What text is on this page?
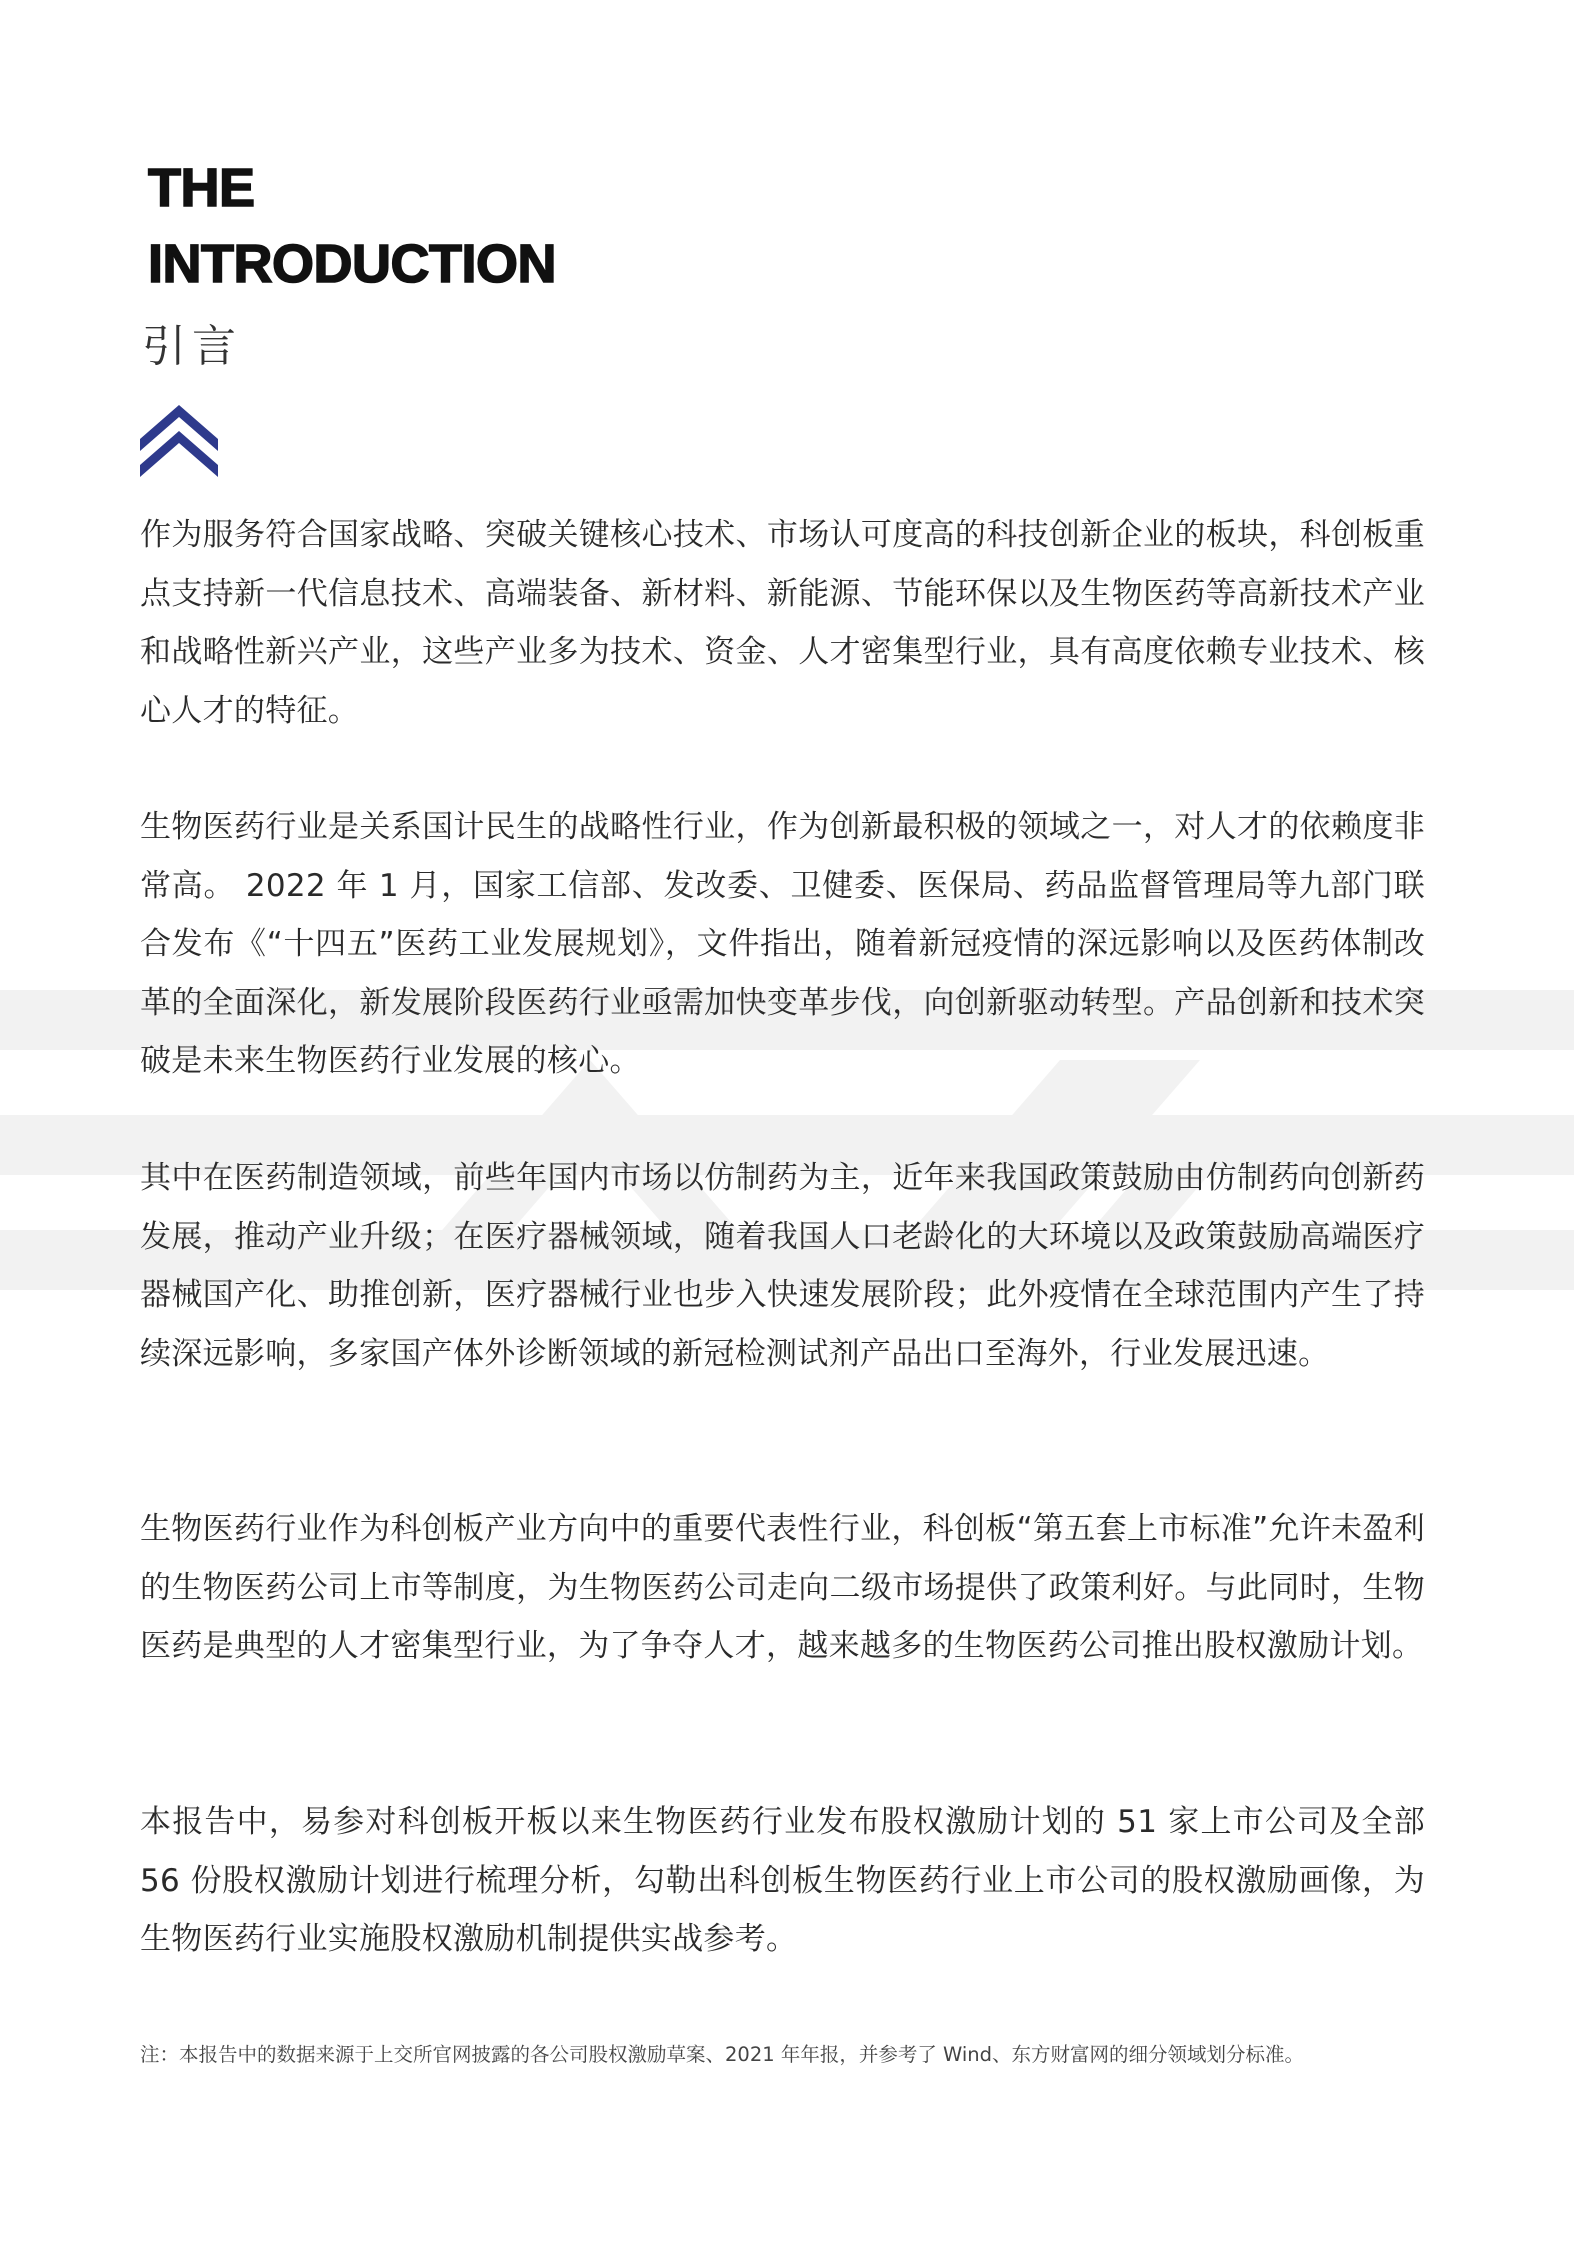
THE
INTRODUCTION
引言

作为服务符合国家战略、突破关键核心技术、市场认可度高的科技创新企业的板块，科创板重点支持新一代信息技术、高端装备、新材料、新能源、节能环保以及生物医药等高新技术产业和战略性新兴产业，这些产业多为技术、资金、人才密集型行业，具有高度依赖专业技术、核心人才的特征。

生物医药行业是关系国计民生的战略性行业，作为创新最积极的领域之一，对人才的依赖度非常高。 2022 年 1 月，国家工信部、发改委、卫健委、医保局、药品监督管理局等九部门联合发布《“十四五”医药工业发展规划》，文件指出，随着新冠疫情的深远影响以及医药体制改革的全面深化，新发展阶段医药行业亟需加快变革步伐，向创新驱动转型。产品创新和技术突破是未来生物医药行业发展的核心。

其中在医药制造领域，前些年国内市场以仿制药为主，近年来我国政策鼓励由仿制药向创新药发展，推动产业升级；在医疗器械领域，随着我国人口老龄化的大环境以及政策鼓励高端医疗器械国产化、助推创新，医疗器械行业也步入快速发展阶段；此外疫情在全球范围内产生了持续深远影响，多家国产体外诊断领域的新冠检测试剂产品出口至海外，行业发展迅速。

生物医药行业作为科创板产业方向中的重要代表性行业，科创板“第五套上市标准”允许未盈利的生物医药公司上市等制度，为生物医药公司走向二级市场提供了政策利好。与此同时，生物医药是典型的人才密集型行业，为了争夺人才，越来越多的生物医药公司推出股权激励计划。

本报告中，易参对科创板开板以来生物医药行业发布股权激励计划的 51 家上市公司及全部 56 份股权激励计划进行梳理分析，勾勒出科创板生物医药行业上市公司的股权激励画像，为生物医药行业实施股权激励机制提供实战参考。

注：本报告中的数据来源于上交所官网披露的各公司股权激励草案、2021 年年报，并参考了 Wind、东方财富网的细分领域划分标准。
